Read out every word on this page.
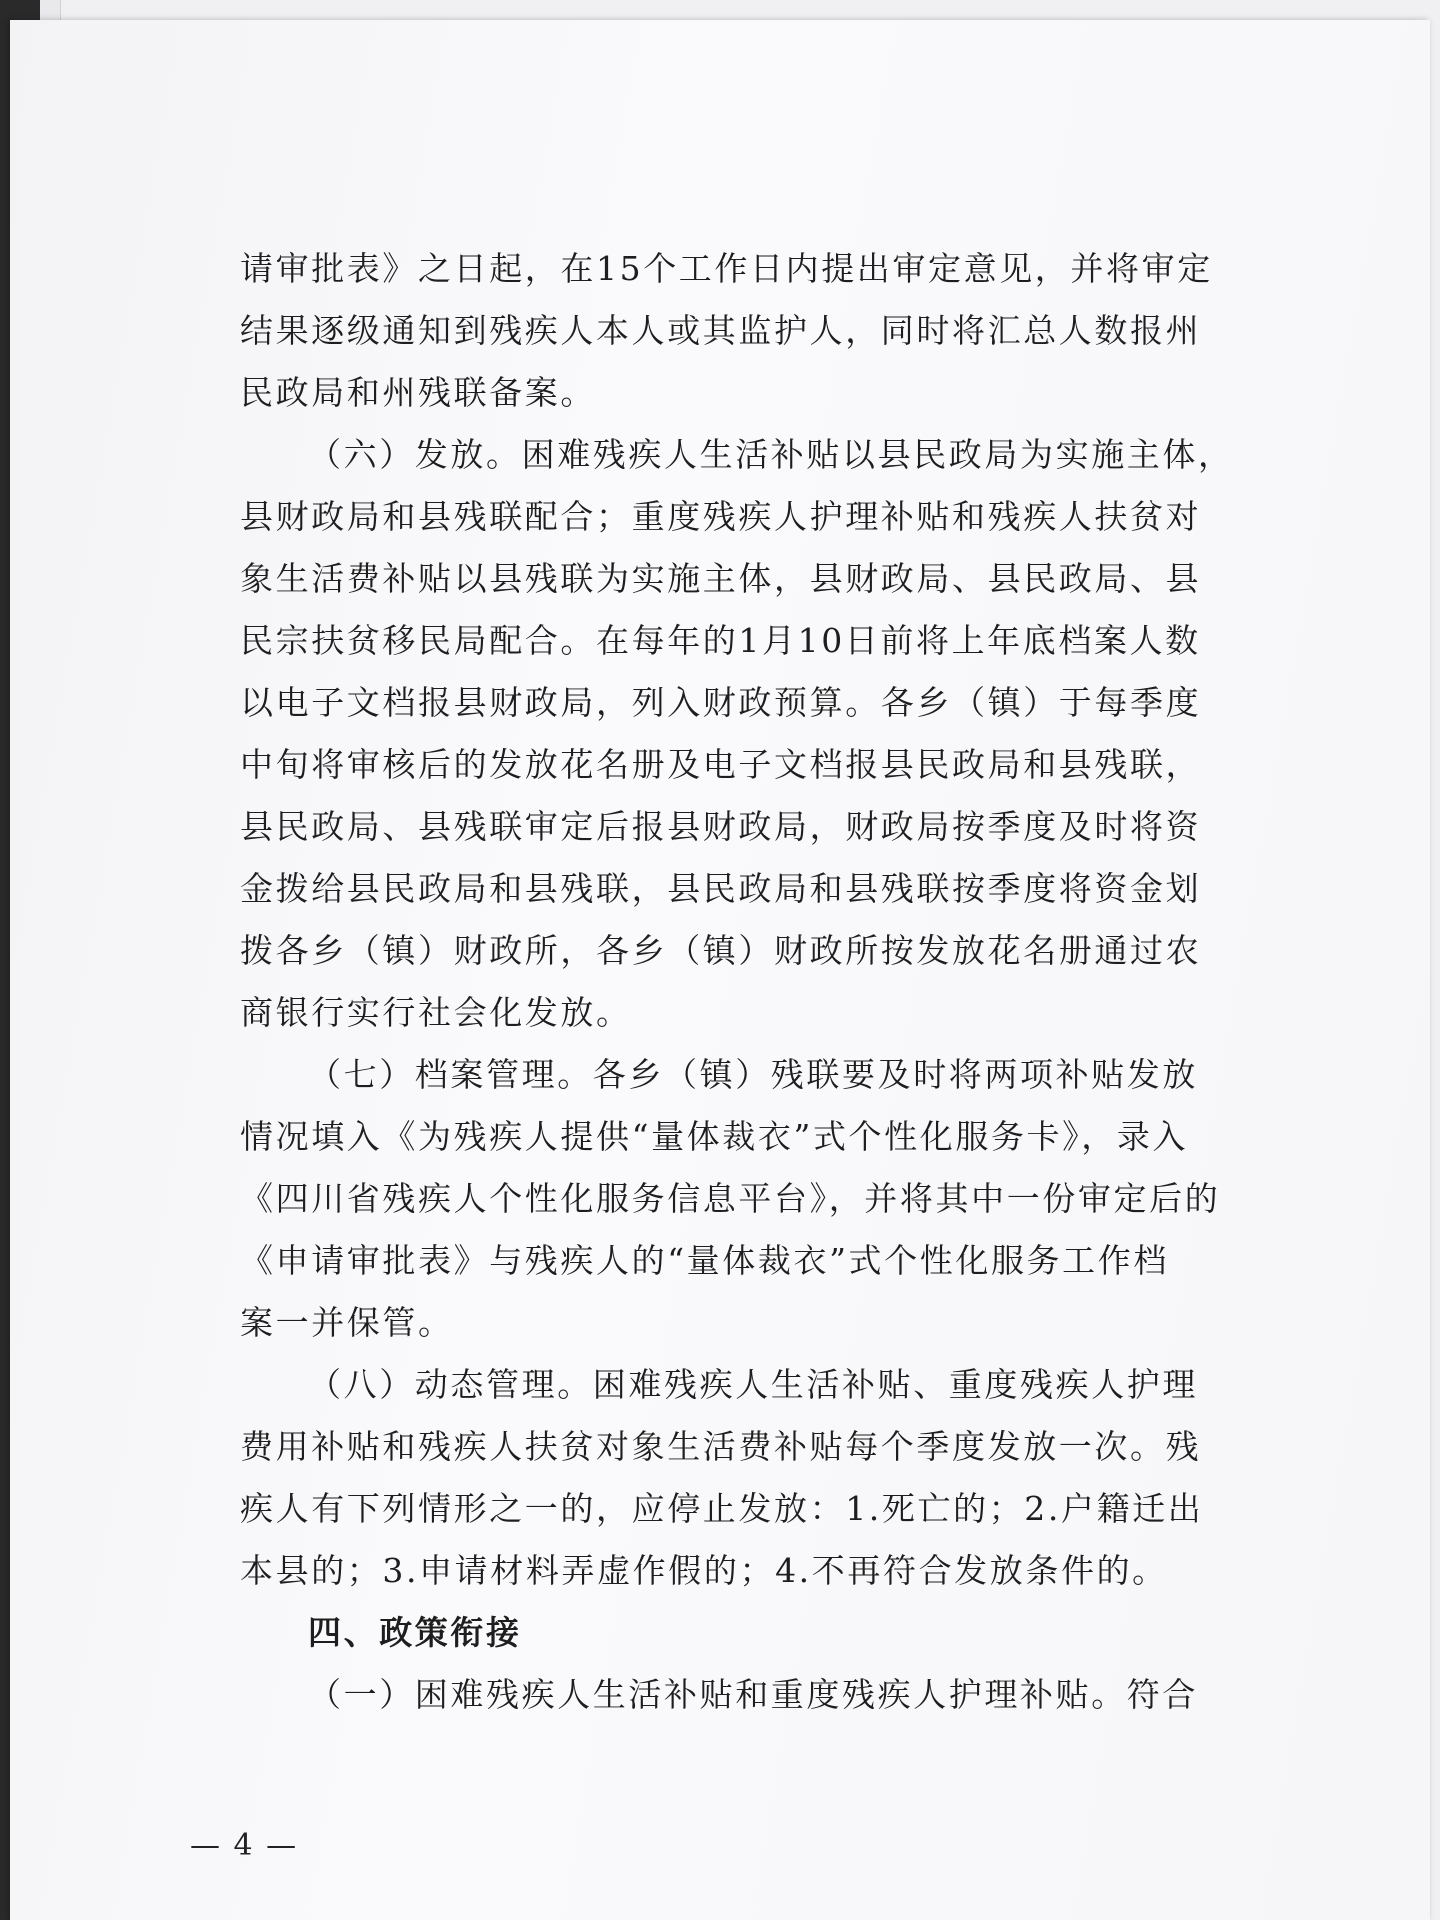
请审批表》之日起，在15个工作日内提出审定意见，并将审定
结果逐级通知到残疾人本人或其监护人，同时将汇总人数报州
民政局和州残联备案。
（六）发放。困难残疾人生活补贴以县民政局为实施主体，
县财政局和县残联配合；重度残疾人护理补贴和残疾人扶贫对
象生活费补贴以县残联为实施主体，县财政局、县民政局、县
民宗扶贫移民局配合。在每年的1月10日前将上年底档案人数
以电子文档报县财政局，列入财政预算。各乡（镇）于每季度
中旬将审核后的发放花名册及电子文档报县民政局和县残联，
县民政局、县残联审定后报县财政局，财政局按季度及时将资
金拨给县民政局和县残联，县民政局和县残联按季度将资金划
拨各乡（镇）财政所，各乡（镇）财政所按发放花名册通过农
商银行实行社会化发放。
（七）档案管理。各乡（镇）残联要及时将两项补贴发放
情况填入《为残疾人提供“量体裁衣”式个性化服务卡》，录入
《四川省残疾人个性化服务信息平台》，并将其中一份审定后的
《申请审批表》与残疾人的“量体裁衣”式个性化服务工作档
案一并保管。
（八）动态管理。困难残疾人生活补贴、重度残疾人护理
费用补贴和残疾人扶贫对象生活费补贴每个季度发放一次。残
疾人有下列情形之一的，应停止发放：1.死亡的；2.户籍迁出
本县的；3.申请材料弄虚作假的；4.不再符合发放条件的。
四、政策衔接
（一）困难残疾人生活补贴和重度残疾人护理补贴。符合
— 4 —
